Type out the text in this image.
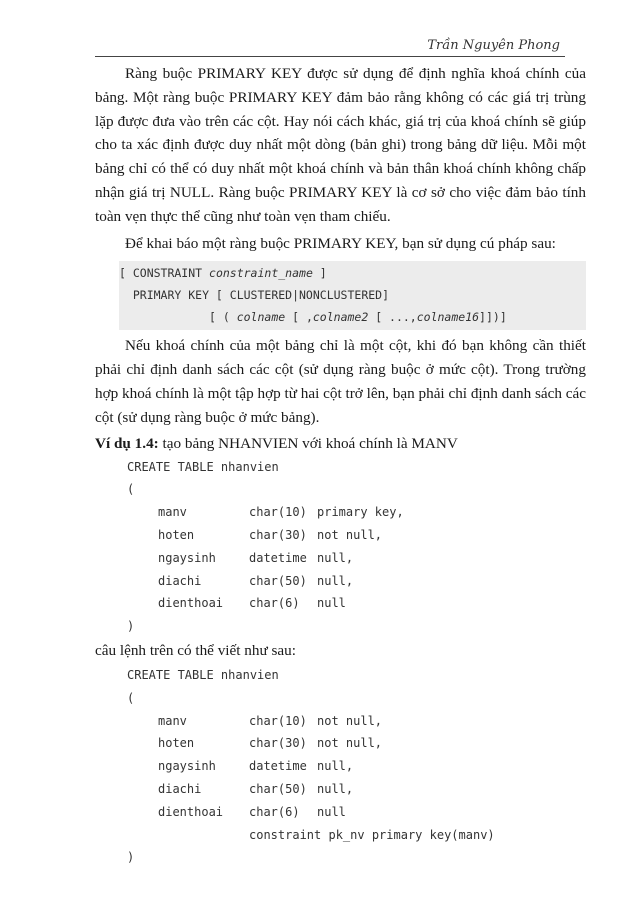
Trần Nguyên Phong

Ràng buộc PRIMARY KEY được sử dụng để định nghĩa khoá chính của bảng. Một ràng buộc PRIMARY KEY đảm bảo rằng không có các giá trị trùng lặp được đưa vào trên các cột. Hay nói cách khác, giá trị của khoá chính sẽ giúp cho ta xác định được duy nhất một dòng (bản ghi) trong bảng dữ liệu. Mỗi một bảng chỉ có thể có duy nhất một khoá chính và bản thân khoá chính không chấp nhận giá trị NULL. Ràng buộc PRIMARY KEY là cơ sở cho việc đảm bảo tính toàn vẹn thực thể cũng như toàn vẹn tham chiếu.

Để khai báo một ràng buộc PRIMARY KEY, bạn sử dụng cú pháp sau:

[ CONSTRAINT constraint_name ]
PRIMARY KEY [ CLUSTERED|NONCLUSTERED]
[ ( colname [ ,colname2 [ ...,colname16]])]

Nếu khoá chính của một bảng chỉ là một cột, khi đó bạn không cần thiết phải chỉ định danh sách các cột (sử dụng ràng buộc ở mức cột). Trong trường hợp khoá chính là một tập hợp từ hai cột trở lên, bạn phải chỉ định danh sách các cột (sử dụng ràng buộc ở mức bảng).

Ví dụ 1.4: tạo bảng NHANVIEN với khoá chính là MANV
CREATE TABLE nhanvien
(
manv	char(10) primary key,
hoten	char(30) not null,
ngaysinh	datetime null,
diachi	char(50) null,
dienthoai	char(6)	null
)
câu lệnh trên có thể viết như sau:
CREATE TABLE nhanvien
(
manv	char(10) not null,
hoten	char(30) not null,
ngaysinh	datetime null,
diachi	char(50) null,
dienthoai	char(6)	null
constraint pk_nv primary key(manv)
)
